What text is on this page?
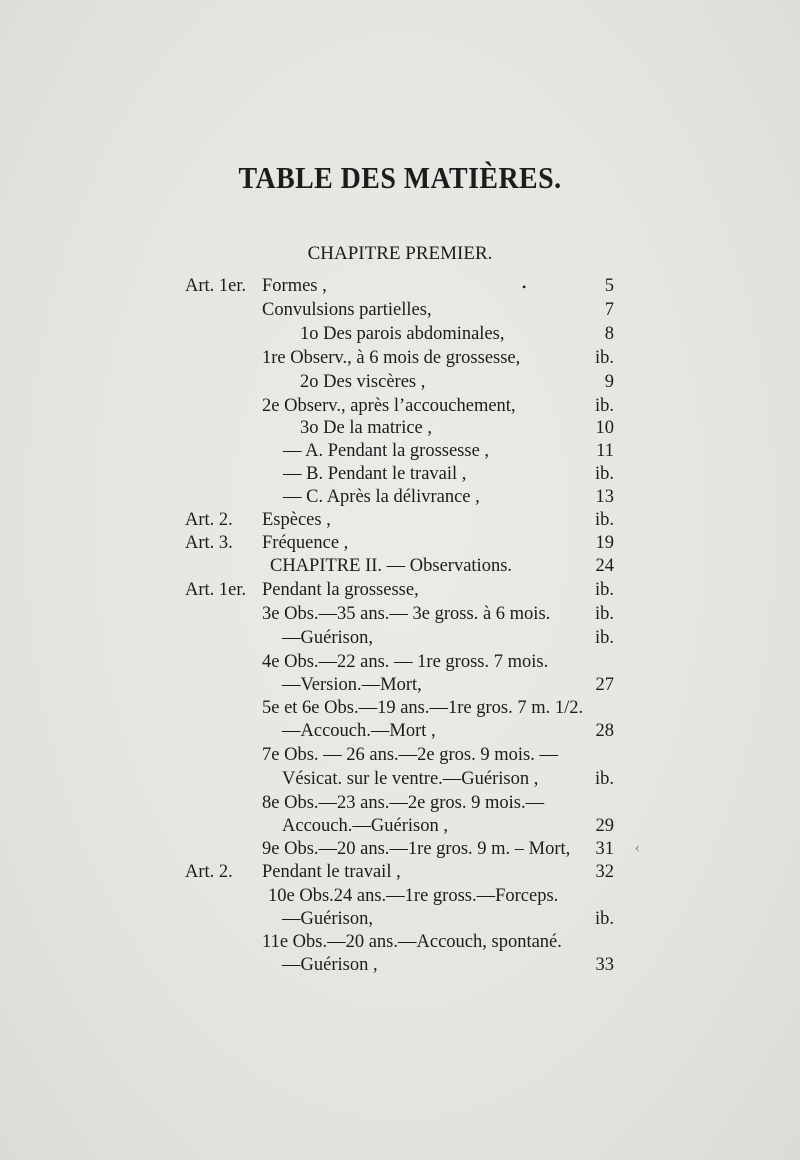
TABLE DES MATIÈRES.
CHAPITRE PREMIER.
Art. 1er. Formes ,	•	5
Convulsions partielles,	7
1o Des parois abdominales,	8
1re Observ., à 6 mois de grossesse,	ib.
2o Des viscères ,	9
2e Observ., après l’accouchement,	ib.
3o De la matrice ,	10
— A. Pendant la grossesse ,	11
— B. Pendant le travail ,	ib.
— C. Après la délivrance ,	13
Art. 2. Espèces ,	ib.
Art. 3. Fréquence ,	19
CHAPITRE II. — Observations.	24
Art. 1er. Pendant la grossesse,	ib.
3e Obs.—35 ans.— 3e gross. à 6 mois. ib.
—Guérison,	ib.
4e Obs.—22 ans. — 1re gross. 7 mois.
—Version.—Mort,	27
5e et 6e Obs.—19 ans.—1re gros. 7 m. 1/2.
—Accouch.—Mort ,	28
7e Obs. — 26 ans.—2e gros. 9 mois. —
Vésicat. sur le ventre.—Guérison ,	ib.
8e Obs.—23 ans.—2e gros. 9 mois.—
Accouch.—Guérison ,	29
9e Obs.—20 ans.—1re gros. 9 m. – Mort, 31 ‹
Art. 2. Pendant le travail ,	32
10e Obs.24 ans.—1re gross.—Forceps.
—Guérison,	ib.
11e Obs.—20 ans.—Accouch, spontané.
—Guérison ,	33
